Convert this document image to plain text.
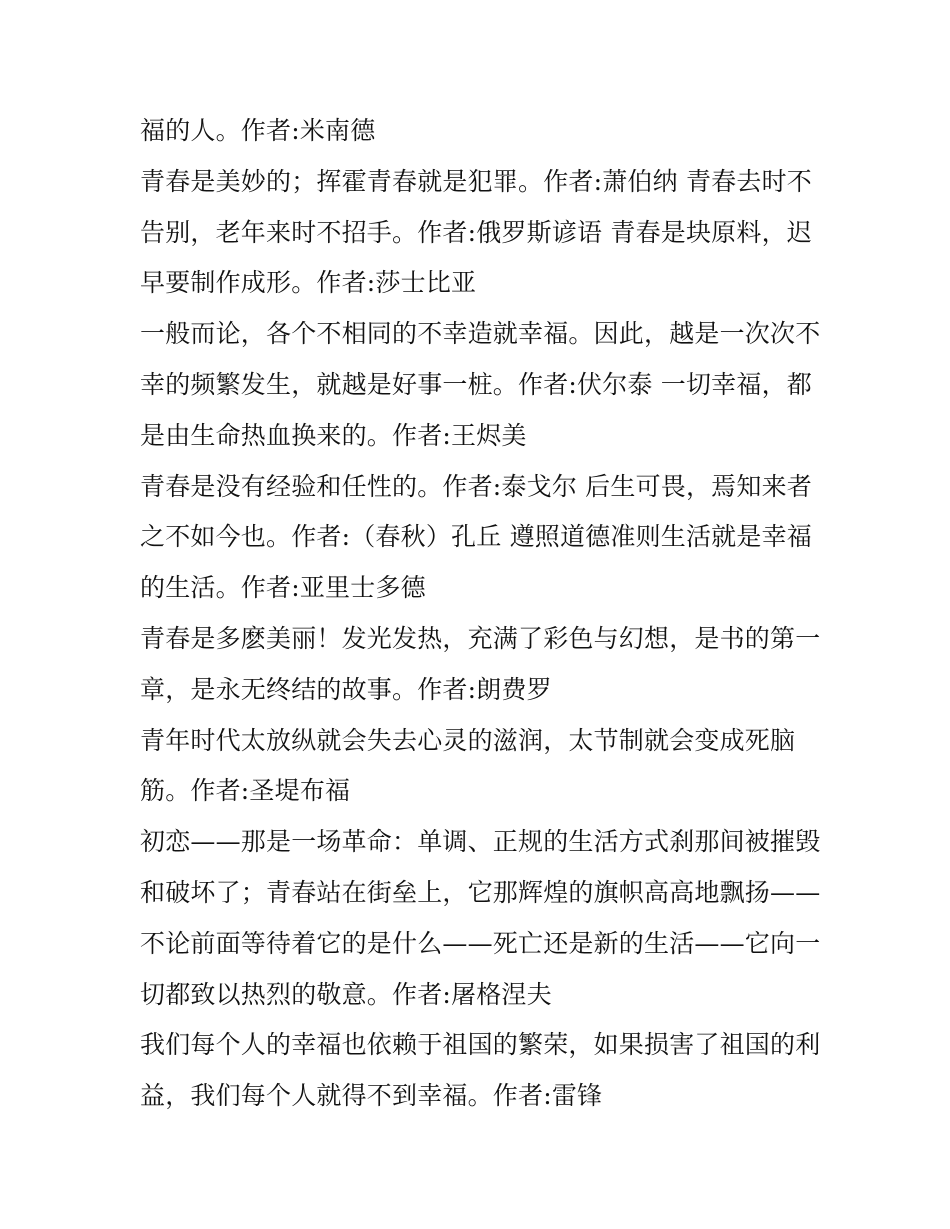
福的人。作者:米南德
青春是美妙的；挥霍青春就是犯罪。作者:萧伯纳 青春去时不
告别，老年来时不招手。作者:俄罗斯谚语 青春是块原料，迟
早要制作成形。作者:莎士比亚
一般而论，各个不相同的不幸造就幸福。因此，越是一次次不
幸的频繁发生，就越是好事一桩。作者:伏尔泰 一切幸福，都
是由生命热血换来的。作者:王烬美
青春是没有经验和任性的。作者:泰戈尔 后生可畏，焉知来者
之不如今也。作者:（春秋）孔丘 遵照道德准则生活就是幸福
的生活。作者:亚里士多德
青春是多麽美丽！发光发热，充满了彩色与幻想，是书的第一
章，是永无终结的故事。作者:朗费罗
青年时代太放纵就会失去心灵的滋润，太节制就会变成死脑
筋。作者:圣堤布福
初恋——那是一场革命：单调、正规的生活方式刹那间被摧毁
和破坏了；青春站在街垒上，它那辉煌的旗帜高高地飘扬——
不论前面等待着它的是什么——死亡还是新的生活——它向一
切都致以热烈的敬意。作者:屠格涅夫
我们每个人的幸福也依赖于祖国的繁荣，如果损害了祖国的利
益，我们每个人就得不到幸福。作者:雷锋
